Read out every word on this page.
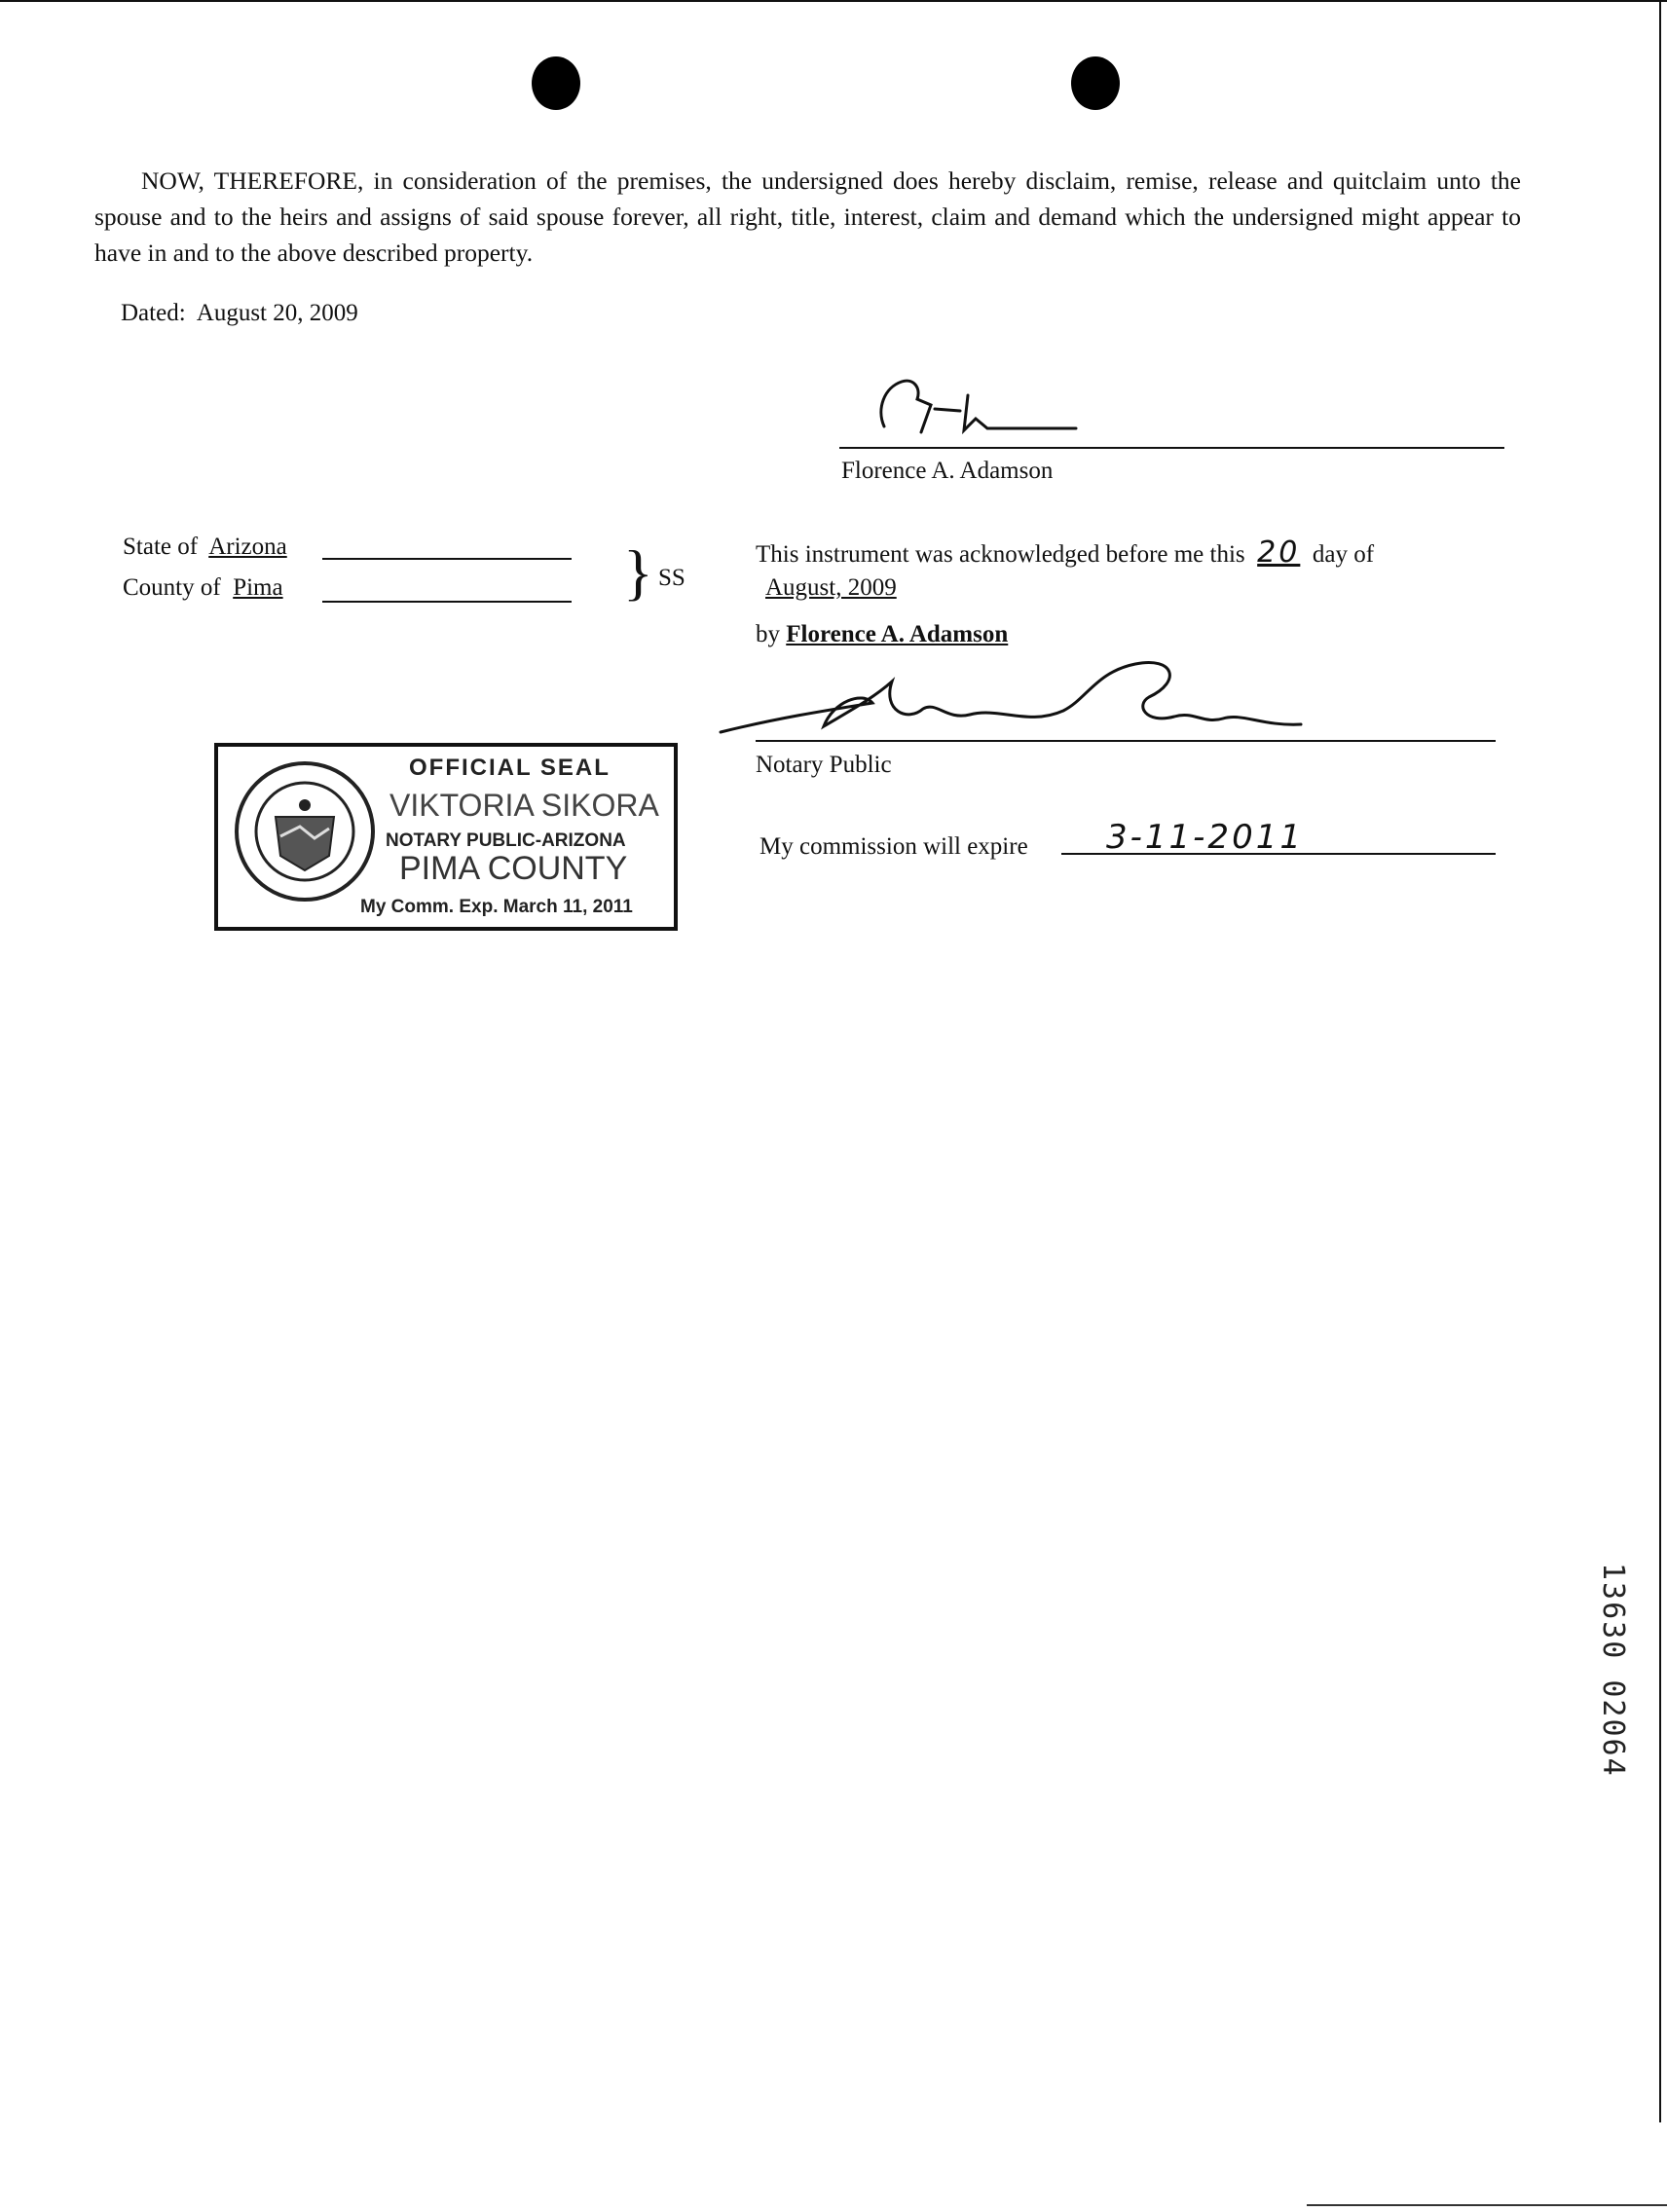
NOW, THEREFORE, in consideration of the premises, the undersigned does hereby disclaim, remise, release and quitclaim unto the spouse and to the heirs and assigns of said spouse forever, all right, title, interest, claim and demand which the undersigned might appear to have in and to the above described property.
Dated: August 20, 2009
Florence A. Adamson
State of Arizona
County of Pima	} SS
This instrument was acknowledged before me this 20 day of
August, 2009
by Florence A. Adamson
Notary Public
My commission will expire 3-11-2011
OFFICIAL SEAL
VIKTORIA SIKORA
NOTARY PUBLIC-ARIZONA
PIMA COUNTY
My Comm. Exp. March 11, 2011
13630 02064
